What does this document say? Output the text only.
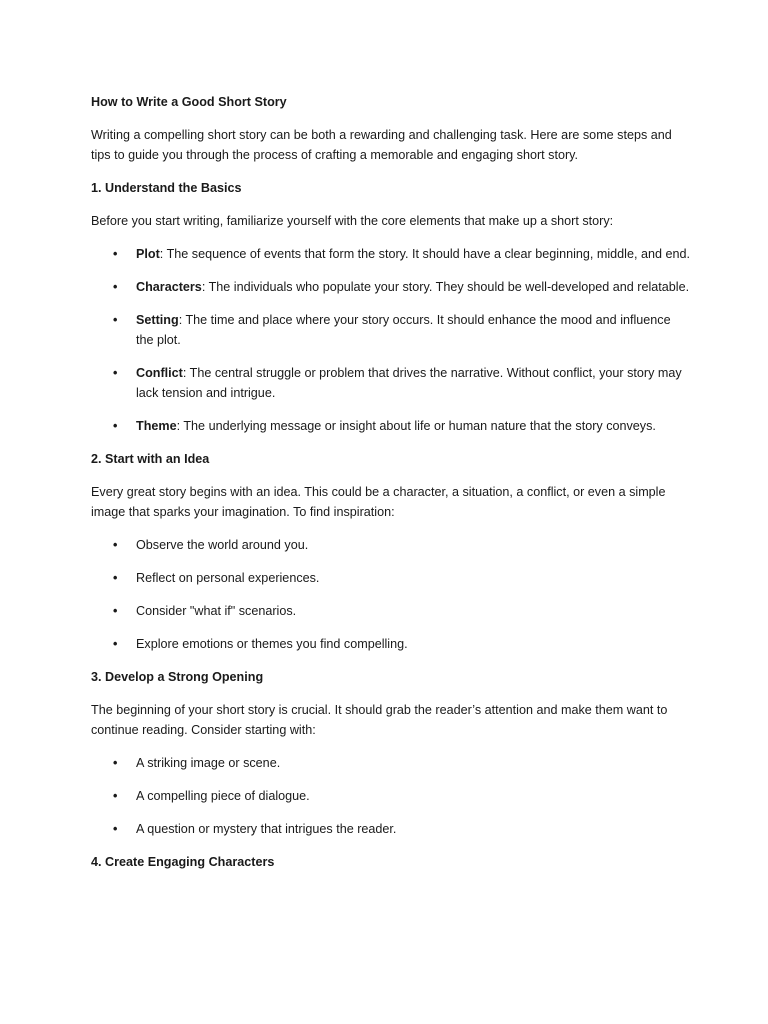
How to Write a Good Short Story

Writing a compelling short story can be both a rewarding and challenging task. Here are some steps and tips to guide you through the process of crafting a memorable and engaging short story.

1. Understand the Basics

Before you start writing, familiarize yourself with the core elements that make up a short story:

• Plot: The sequence of events that form the story. It should have a clear beginning, middle, and end.
• Characters: The individuals who populate your story. They should be well-developed and relatable.
• Setting: The time and place where your story occurs. It should enhance the mood and influence the plot.
• Conflict: The central struggle or problem that drives the narrative. Without conflict, your story may lack tension and intrigue.
• Theme: The underlying message or insight about life or human nature that the story conveys.

2. Start with an Idea

Every great story begins with an idea. This could be a character, a situation, a conflict, or even a simple image that sparks your imagination. To find inspiration:

• Observe the world around you.
• Reflect on personal experiences.
• Consider "what if" scenarios.
• Explore emotions or themes you find compelling.

3. Develop a Strong Opening

The beginning of your short story is crucial. It should grab the reader’s attention and make them want to continue reading. Consider starting with:

• A striking image or scene.
• A compelling piece of dialogue.
• A question or mystery that intrigues the reader.

4. Create Engaging Characters
